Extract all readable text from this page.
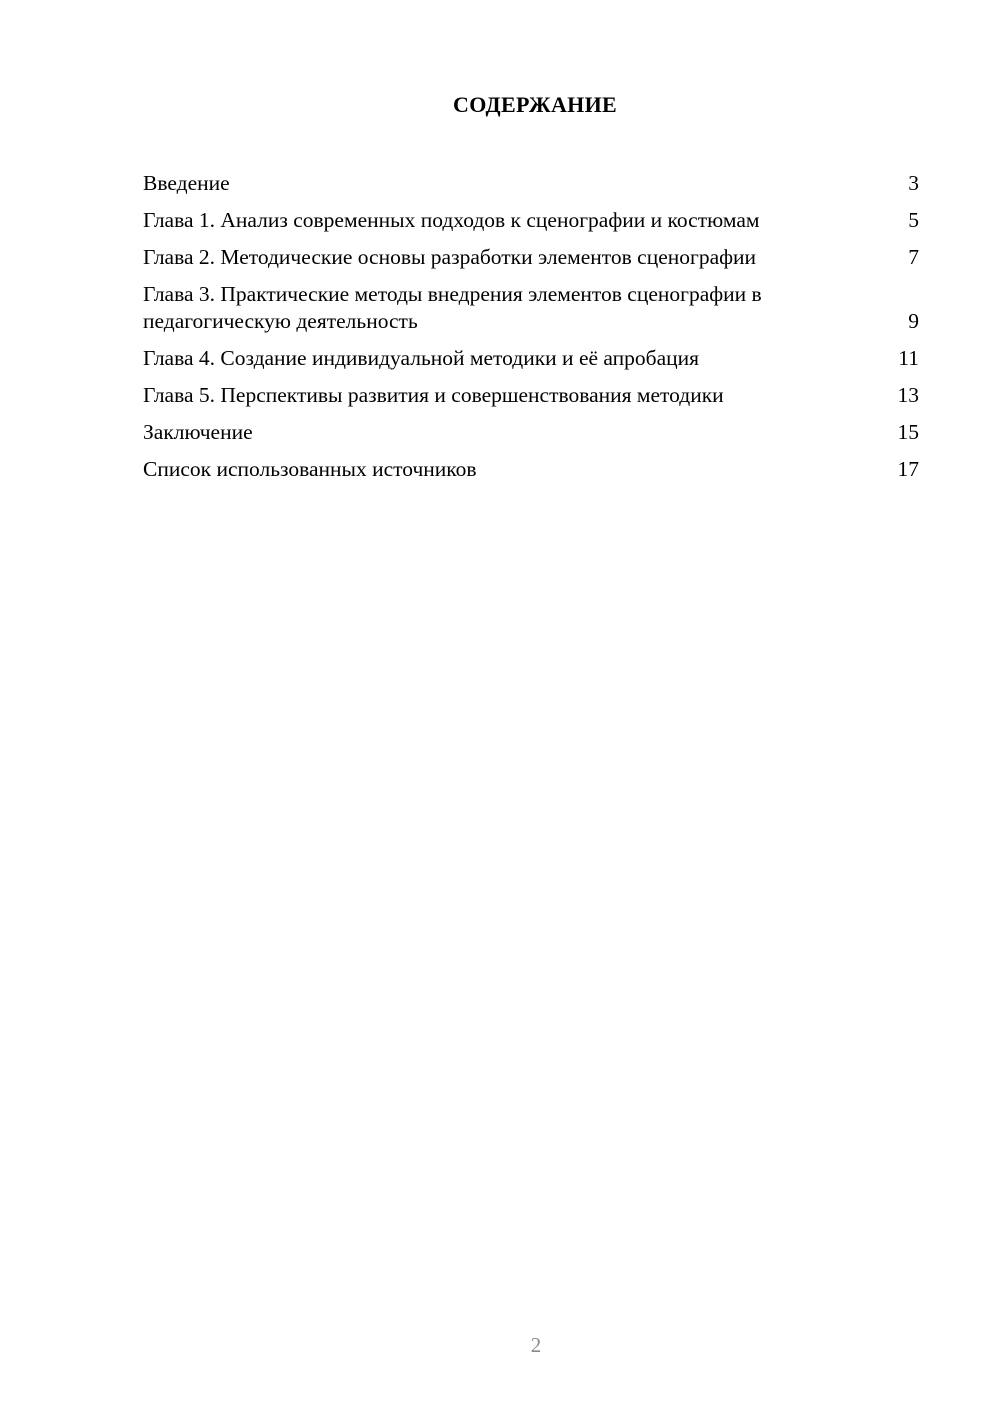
СОДЕРЖАНИЕ
Введение	3
Глава 1. Анализ современных подходов к сценографии и костюмам	5
Глава 2. Методические основы разработки элементов сценографии	7
Глава 3. Практические методы внедрения элементов сценографии в педагогическую деятельность	9
Глава 4. Создание индивидуальной методики и её апробация	11
Глава 5. Перспективы развития и совершенствования методики	13
Заключение	15
Список использованных источников	17
2
